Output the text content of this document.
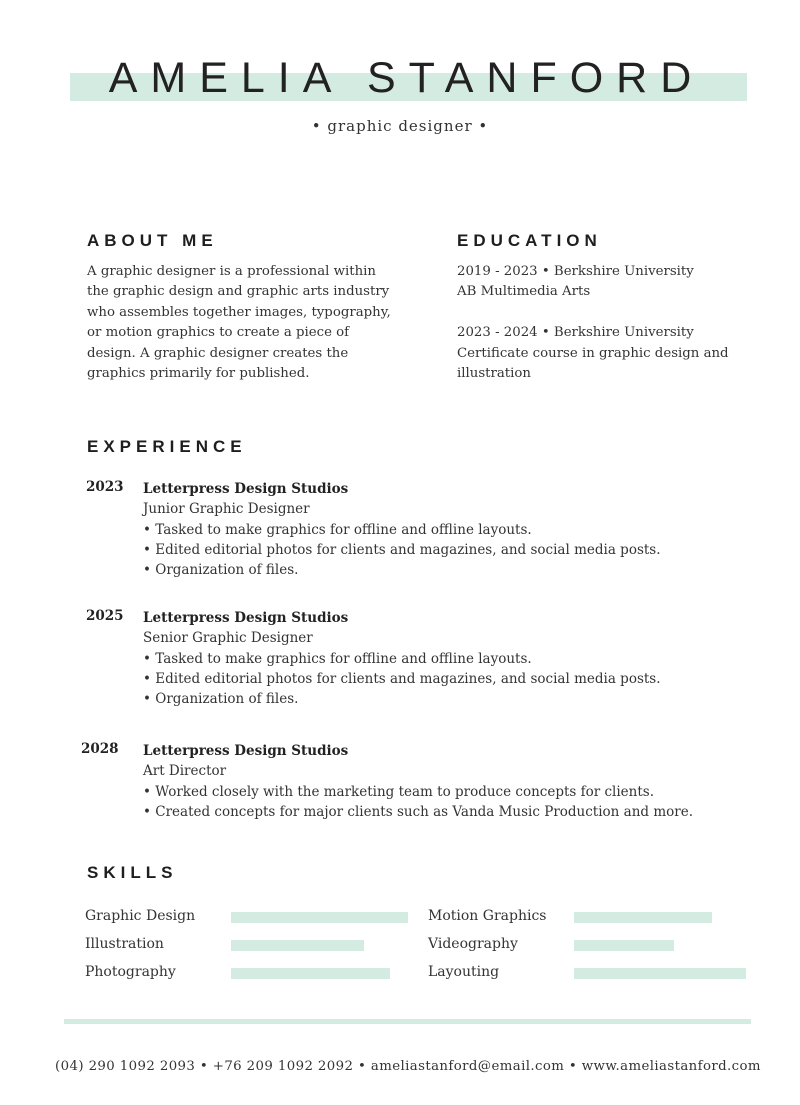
AMELIA STANFORD
• graphic designer •
ABOUT ME
A graphic designer is a professional within
the graphic design and graphic arts industry
who assembles together images, typography,
or motion graphics to create a piece of
design. A graphic designer creates the
graphics primarily for published.
EDUCATION
2019 - 2023 • Berkshire University
AB Multimedia Arts
2023 - 2024 • Berkshire University
Certificate course in graphic design and
illustration
EXPERIENCE
2023 Letterpress Design Studios
Junior Graphic Designer
• Tasked to make graphics for offline and offline layouts.
• Edited editorial photos for clients and magazines, and social media posts.
• Organization of files.
2025 Letterpress Design Studios
Senior Graphic Designer
• Tasked to make graphics for offline and offline layouts.
• Edited editorial photos for clients and magazines, and social media posts.
• Organization of files.
2028 Letterpress Design Studios
Art Director
• Worked closely with the marketing team to produce concepts for clients.
• Created concepts for major clients such as Vanda Music Production and more.
SKILLS
Graphic Design
Illustration
Photography
Motion Graphics
Videography
Layouting
(04) 290 1092 2093 • +76 209 1092 2092 • ameliastanford@email.com • www.ameliastanford.com
